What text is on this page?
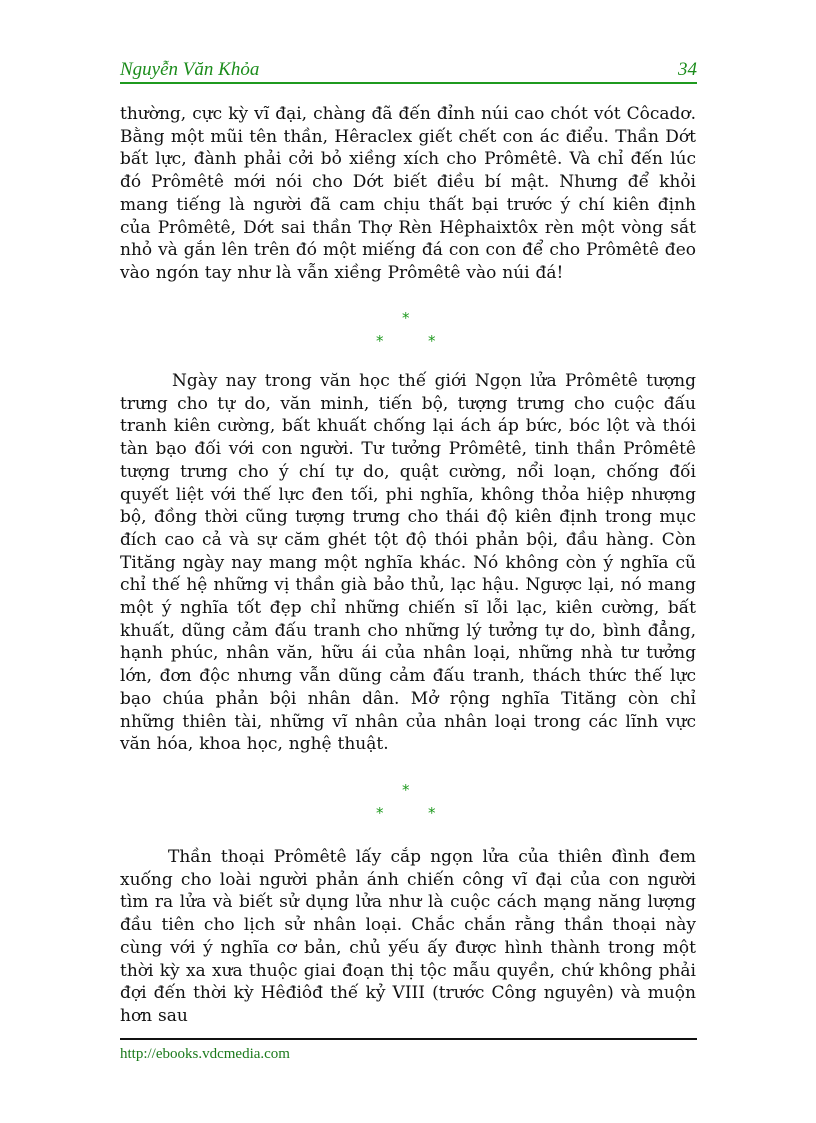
Nguyễn Văn Khỏa	34

thường, cực kỳ vĩ đại, chàng đã đến đỉnh núi cao chót vót Côcadơ. Bằng một mũi tên thần, Hêraclex giết chết con ác điểu. Thần Dớt bất lực, đành phải cởi bỏ xiềng xích cho Prômêtê. Và chỉ đến lúc đó Prômêtê mới nói cho Dớt biết điều bí mật. Nhưng để khỏi mang tiếng là người đã cam chịu thất bại trước ý chí kiên định của Prômêtê, Dớt sai thần Thợ Rèn Hêphaixtôx rèn một vòng sắt nhỏ và gắn lên trên đó một miếng đá con con để cho Prômêtê đeo vào ngón tay như là vẫn xiềng Prômêtê vào núi đá!

*
*	*

Ngày nay trong văn học thế giới Ngọn lửa Prômêtê tượng trưng cho tự do, văn minh, tiến bộ, tượng trưng cho cuộc đấu tranh kiên cường, bất khuất chống lại ách áp bức, bóc lột và thói tàn bạo đối với con người. Tư tưởng Prômêtê, tinh thần Prômêtê tượng trưng cho ý chí tự do, quật cường, nổi loạn, chống đối quyết liệt với thế lực đen tối, phi nghĩa, không thỏa hiệp nhượng bộ, đồng thời cũng tượng trưng cho thái độ kiên định trong mục đích cao cả và sự căm ghét tột độ thói phản bội, đầu hàng. Còn Tităng ngày nay mang một nghĩa khác. Nó không còn ý nghĩa cũ chỉ thế hệ những vị thần già bảo thủ, lạc hậu. Ngược lại, nó mang một ý nghĩa tốt đẹp chỉ những chiến sĩ lỗi lạc, kiên cường, bất khuất, dũng cảm đấu tranh cho những lý tưởng tự do, bình đẳng, hạnh phúc, nhân văn, hữu ái của nhân loại, những nhà tư tưởng lớn, đơn độc nhưng vẫn dũng cảm đấu tranh, thách thức thế lực bạo chúa phản bội nhân dân. Mở rộng nghĩa Tităng còn chỉ những thiên tài, những vĩ nhân của nhân loại trong các lĩnh vực văn hóa, khoa học, nghệ thuật.

*
*	*

Thần thoại Prômêtê lấy cắp ngọn lửa của thiên đình đem xuống cho loài người phản ánh chiến công vĩ đại của con người tìm ra lửa và biết sử dụng lửa như là cuộc cách mạng năng lượng đầu tiên cho lịch sử nhân loại. Chắc chắn rằng thần thoại này cùng với ý nghĩa cơ bản, chủ yếu ấy được hình thành trong một thời kỳ xa xưa thuộc giai đoạn thị tộc mẫu quyền, chứ không phải đợi đến thời kỳ Hêđiôđ thế kỷ VIII (trước Công nguyên) và muộn hơn sau

http://ebooks.vdcmedia.com
